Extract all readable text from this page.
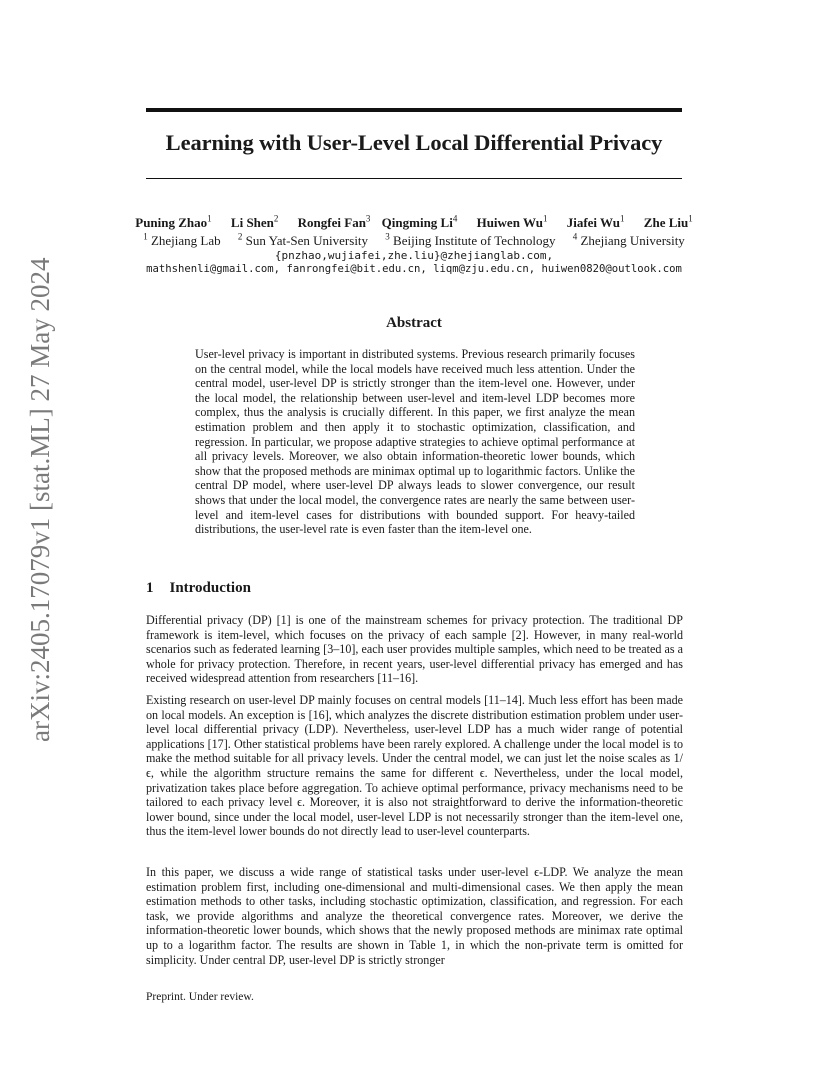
arXiv:2405.17079v1 [stat.ML] 27 May 2024
Learning with User-Level Local Differential Privacy
Puning Zhao$^1$ Li Shen$^2$ Rongfei Fan$^3$ Qingming Li$^4$ Huiwen Wu$^1$ Jiafei Wu$^1$ Zhe Liu$^1$
$^1$ Zhejiang Lab $^2$ Sun Yat-Sen University $^3$ Beijing Institute of Technology $^4$ Zhejiang University
{pnzhao,wujiafei,zhe.liu}@zhejianglab.com,
mathshenli@gmail.com, fanrongfei@bit.edu.cn, liqm@zju.edu.cn, huiwen0820@outlook.com
Abstract
User-level privacy is important in distributed systems. Previous research primarily focuses on the central model, while the local models have received much less attention. Under the central model, user-level DP is strictly stronger than the item-level one. However, under the local model, the relationship between user-level and item-level LDP becomes more complex, thus the analysis is crucially different. In this paper, we first analyze the mean estimation problem and then apply it to stochastic optimization, classification, and regression. In particular, we propose adaptive strategies to achieve optimal performance at all privacy levels. Moreover, we also obtain information-theoretic lower bounds, which show that the proposed methods are minimax optimal up to logarithmic factors. Unlike the central DP model, where user-level DP always leads to slower convergence, our result shows that under the local model, the convergence rates are nearly the same between user-level and item-level cases for distributions with bounded support. For heavy-tailed distributions, the user-level rate is even faster than the item-level one.
1 Introduction
Differential privacy (DP) [1] is one of the mainstream schemes for privacy protection. The traditional DP framework is item-level, which focuses on the privacy of each sample [2]. However, in many real-world scenarios such as federated learning [3–10], each user provides multiple samples, which need to be treated as a whole for privacy protection. Therefore, in recent years, user-level differential privacy has emerged and has received widespread attention from researchers [11–16].
Existing research on user-level DP mainly focuses on central models [11–14]. Much less effort has been made on local models. An exception is [16], which analyzes the discrete distribution estimation problem under user-level local differential privacy (LDP). Nevertheless, user-level LDP has a much wider range of potential applications [17]. Other statistical problems have been rarely explored. A challenge under the local model is to make the method suitable for all privacy levels. Under the central model, we can just let the noise scales as 1/ϵ, while the algorithm structure remains the same for different ϵ. Nevertheless, under the local model, privatization takes place before aggregation. To achieve optimal performance, privacy mechanisms need to be tailored to each privacy level ϵ. Moreover, it is also not straightforward to derive the information-theoretic lower bound, since under the local model, user-level LDP is not necessarily stronger than the item-level one, thus the item-level lower bounds do not directly lead to user-level counterparts.
In this paper, we discuss a wide range of statistical tasks under user-level ϵ-LDP. We analyze the mean estimation problem first, including one-dimensional and multi-dimensional cases. We then apply the mean estimation methods to other tasks, including stochastic optimization, classification, and regression. For each task, we provide algorithms and analyze the theoretical convergence rates. Moreover, we derive the information-theoretic lower bounds, which shows that the newly proposed methods are minimax rate optimal up to a logarithm factor. The results are shown in Table 1, in which the non-private term is omitted for simplicity. Under central DP, user-level DP is strictly stronger
Preprint. Under review.
